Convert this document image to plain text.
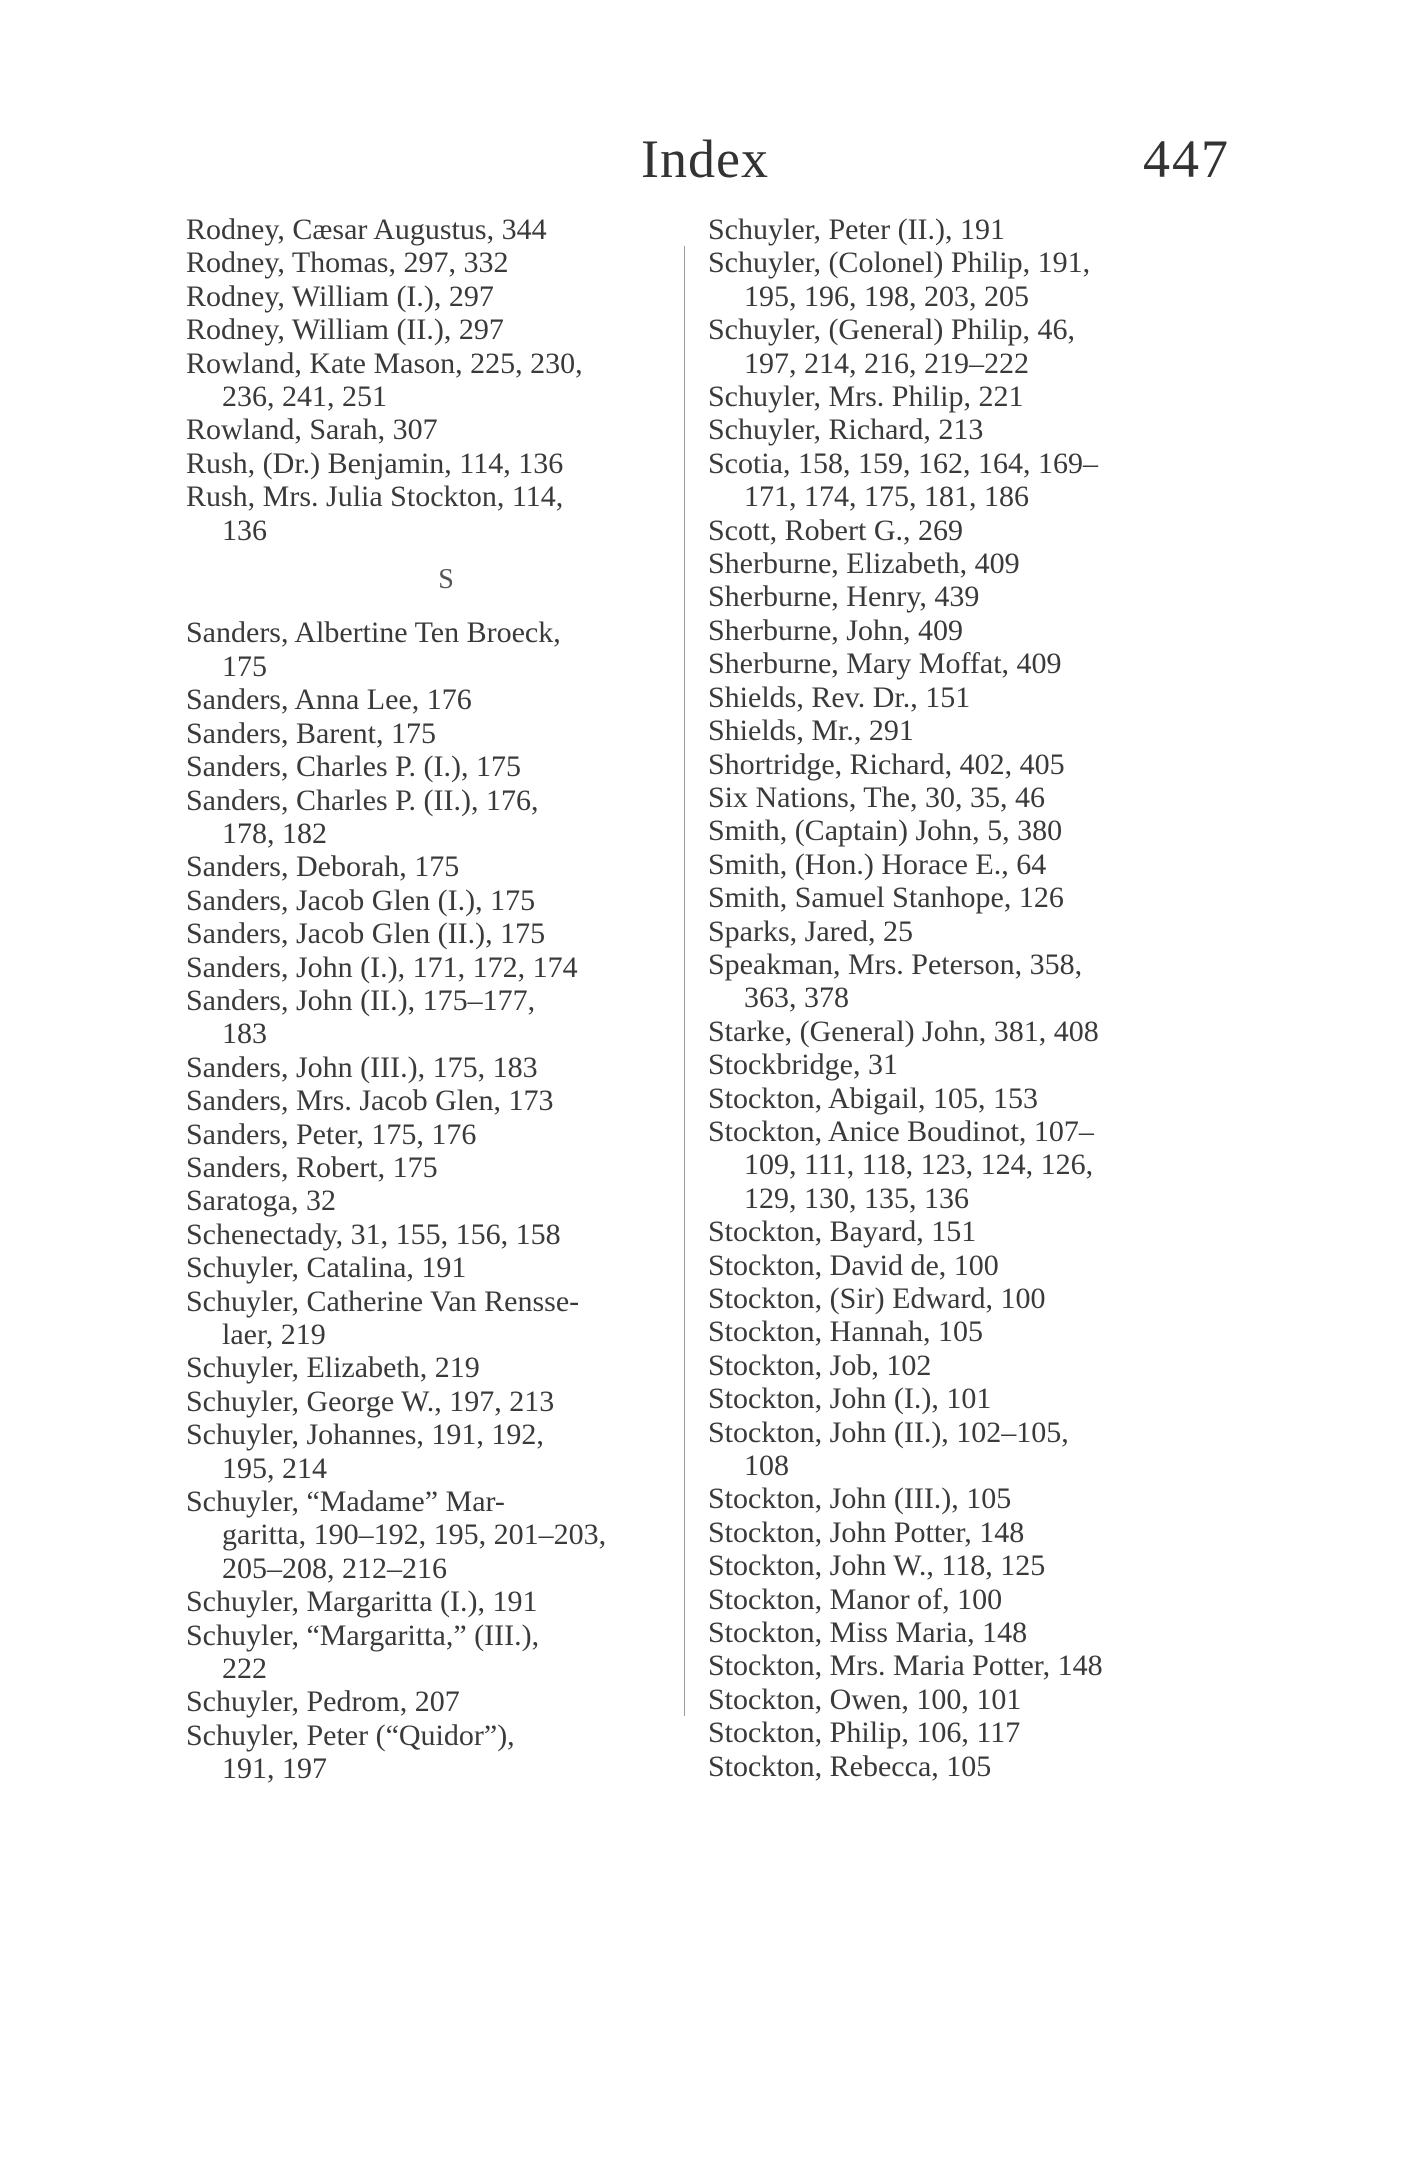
Index	447
Rodney, Cæsar Augustus, 344
Rodney, Thomas, 297, 332
Rodney, William (I.), 297
Rodney, William (II.), 297
Rowland, Kate Mason, 225, 230,
236, 241, 251
Rowland, Sarah, 307
Rush, (Dr.) Benjamin, 114, 136
Rush, Mrs. Julia Stockton, 114,
136
S
Sanders, Albertine Ten Broeck,
175
Sanders, Anna Lee, 176
Sanders, Barent, 175
Sanders, Charles P. (I.), 175
Sanders, Charles P. (II.), 176,
178, 182
Sanders, Deborah, 175
Sanders, Jacob Glen (I.), 175
Sanders, Jacob Glen (II.), 175
Sanders, John (I.), 171, 172, 174
Sanders, John (II.), 175–177,
183
Sanders, John (III.), 175, 183
Sanders, Mrs. Jacob Glen, 173
Sanders, Peter, 175, 176
Sanders, Robert, 175
Saratoga, 32
Schenectady, 31, 155, 156, 158
Schuyler, Catalina, 191
Schuyler, Catherine Van Rensse-
laer, 219
Schuyler, Elizabeth, 219
Schuyler, George W., 197, 213
Schuyler, Johannes, 191, 192,
195, 214
Schuyler, “Madame” Mar-
garitta, 190–192, 195, 201–203,
205–208, 212–216
Schuyler, Margaritta (I.), 191
Schuyler, “Margaritta,” (III.),
222
Schuyler, Pedrom, 207
Schuyler, Peter (“Quidor”),
191, 197
Schuyler, Peter (II.), 191
Schuyler, (Colonel) Philip, 191,
195, 196, 198, 203, 205
Schuyler, (General) Philip, 46,
197, 214, 216, 219–222
Schuyler, Mrs. Philip, 221
Schuyler, Richard, 213
Scotia, 158, 159, 162, 164, 169–
171, 174, 175, 181, 186
Scott, Robert G., 269
Sherburne, Elizabeth, 409
Sherburne, Henry, 439
Sherburne, John, 409
Sherburne, Mary Moffat, 409
Shields, Rev. Dr., 151
Shields, Mr., 291
Shortridge, Richard, 402, 405
Six Nations, The, 30, 35, 46
Smith, (Captain) John, 5, 380
Smith, (Hon.) Horace E., 64
Smith, Samuel Stanhope, 126
Sparks, Jared, 25
Speakman, Mrs. Peterson, 358,
363, 378
Starke, (General) John, 381, 408
Stockbridge, 31
Stockton, Abigail, 105, 153
Stockton, Anice Boudinot, 107–
109, 111, 118, 123, 124, 126,
129, 130, 135, 136
Stockton, Bayard, 151
Stockton, David de, 100
Stockton, (Sir) Edward, 100
Stockton, Hannah, 105
Stockton, Job, 102
Stockton, John (I.), 101
Stockton, John (II.), 102–105,
108
Stockton, John (III.), 105
Stockton, John Potter, 148
Stockton, John W., 118, 125
Stockton, Manor of, 100
Stockton, Miss Maria, 148
Stockton, Mrs. Maria Potter, 148
Stockton, Owen, 100, 101
Stockton, Philip, 106, 117
Stockton, Rebecca, 105
